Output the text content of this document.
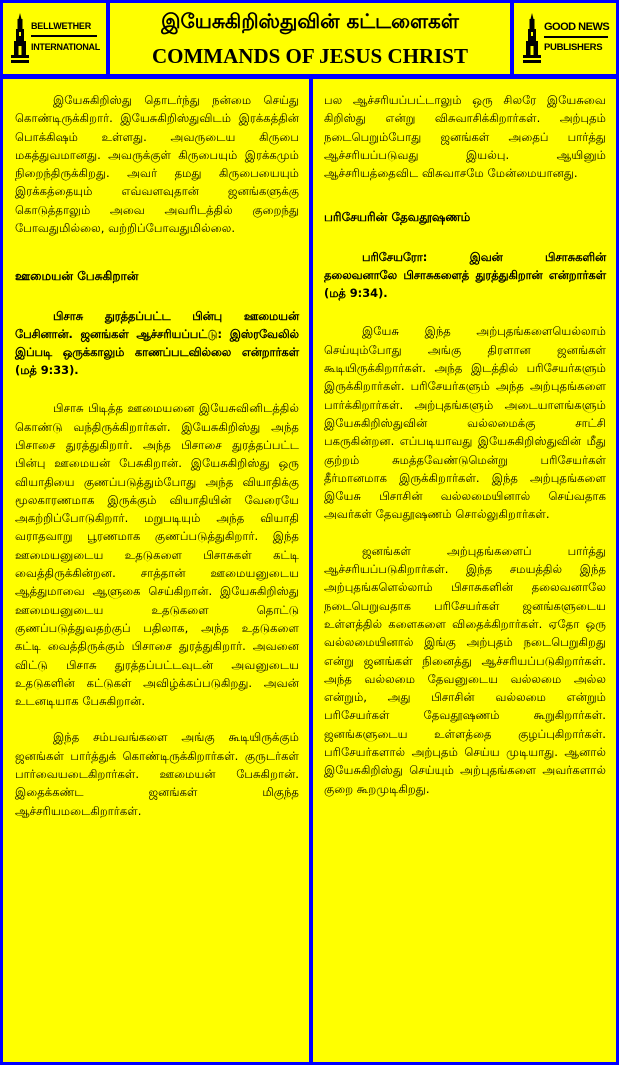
BELLWETHER
INTERNATIONAL
இயேசுகிறிஸ்துவின் கட்டளைகள்
COMMANDS OF JESUS CHRIST
GOOD NEWS
PUBLISHERS

இயேசுகிறிஸ்து தொடர்ந்து நன்மை செய்து கொண்டிருக்கிறார். இயேசுகிறிஸ்துவிடம் இரக்கத்தின் பொக்கிஷம் உள்ளது. அவருடைய கிருபை மகத்துவமானது. அவருக்குள் கிருபையும் இரக்கமும் நிறைந்திருக்கிறது. அவர் தமது கிருபையையும் இரக்கத்தையும் எவ்வளவுதான் ஜனங்களுக்கு கொடுத்தாலும் அவை அவரிடத்தில் குறைந்து போவதுமில்லை, வற்றிப்போவதுமில்லை.

ஊமையன் பேசுகிறான்

பிசாசு துரத்தப்பட்ட பின்பு ஊமையன் பேசினான். ஜனங்கள் ஆச்சரியப்பட்டு: இஸ்ரவேலில் இப்படி ஒருக்காலும் காணப்படவில்லை என்றார்கள் (மத் 9:33).

பிசாசு பிடித்த ஊமையனை இயேசுவினிடத்தில் கொண்டு வந்திருக்கிறார்கள். இயேசுகிறிஸ்து அந்த பிசாசை துரத்துகிறார். அந்த பிசாசை துரத்தப்பட்ட பின்பு ஊமையன் பேசுகிறான். இயேசுகிறிஸ்து ஒரு வியாதியை குணப்படுத்தும்போது அந்த வியாதிக்கு மூலகாரணமாக இருக்கும் வியாதியின் வேரையே அகற்றிப்போடுகிறார். மறுபடியும் அந்த வியாதி வராதவாறு பூரணமாக குணப்படுத்துகிறார். இந்த ஊமையனுடைய உதடுகளை பிசாசுகள் கட்டி வைத்திருக்கின்றன. சாத்தான் ஊமையனுடைய ஆத்துமாவை ஆளுகை செய்கிறான். இயேசுகிறிஸ்து ஊமையனுடைய உதடுகளை தொட்டு குணப்படுத்துவதற்குப் பதிலாக, அந்த உதடுகளை கட்டி வைத்திருக்கும் பிசாசை துரத்துகிறார். அவனை விட்டு பிசாசு துரத்தப்பட்டவுடன் அவனுடைய உதடுகளின் கட்டுகள் அவிழ்க்கப்படுகிறது. அவன் உடனடியாக பேசுகிறான்.

இந்த சம்பவங்களை அங்கு கூடியிருக்கும் ஜனங்கள் பார்த்துக் கொண்டிருக்கிறார்கள். குருடர்கள் பார்வையடைகிறார்கள். ஊமையன் பேசுகிறான். இதைக்கண்ட ஜனங்கள் மிகுந்த ஆச்சரியமடைகிறார்கள்.

பல ஆச்சரியப்பட்டாலும் ஒரு சிலரே இயேசுவை கிறிஸ்து என்று விசுவாசிக்கிறார்கள். அற்புதம் நடைபெறும்போது ஜனங்கள் அதைப் பார்த்து ஆச்சரியப்படுவது இயல்பு. ஆயினும் ஆச்சரியத்தைவிட விசுவாசமே மேன்மையானது.

பரிசேயரின் தேவதூஷணம்

பரிசேயரோ: இவன் பிசாசுகளின் தலைவனாலே பிசாசுகளைத் துரத்துகிறான் என்றார்கள் (மத் 9:34).

இயேசு இந்த அற்புதங்களையெல்லாம் செய்யும்போது அங்கு திரளான ஜனங்கள் கூடியிருக்கிறார்கள். அந்த இடத்தில் பரிசேயர்களும் இருக்கிறார்கள். பரிசேயர்களும் அந்த அற்புதங்களை பார்க்கிறார்கள். அற்புதங்களும் அடையாளங்களும் இயேசுகிறிஸ்துவின் வல்லமைக்கு சாட்சி பகருகின்றன. எப்படியாவது இயேசுகிறிஸ்துவின் மீது குற்றம் சுமத்தவேண்டுமென்று பரிசேயர்கள் தீர்மானமாக இருக்கிறார்கள். இந்த அற்புதங்களை இயேசு பிசாசின் வல்லமையினால் செய்வதாக அவர்கள் தேவதூஷணம் சொல்லுகிறார்கள்.

ஜனங்கள் அற்புதங்களைப் பார்த்து ஆச்சரியப்படுகிறார்கள். இந்த சமயத்தில் இந்த அற்புதங்களெல்லாம் பிசாசுகளின் தலைவனாலே நடைபெறுவதாக பரிசேயர்கள் ஜனங்களுடைய உள்ளத்தில் களைகளை விதைக்கிறார்கள். ஏதோ ஒரு வல்லமையினால் இங்கு அற்புதம் நடைபெறுகிறது என்று ஜனங்கள் நினைத்து ஆச்சரியப்படுகிறார்கள். அந்த வல்லமை தேவனுடைய வல்லமை அல்ல என்றும், அது பிசாசின் வல்லமை என்றும் பரிசேயர்கள் தேவதூஷணம் கூறுகிறார்கள். ஜனங்களுடைய உள்ளத்தை குழப்புகிறார்கள். பரிசேயர்களால் அற்புதம் செய்ய முடியாது. ஆனால் இயேசுகிறிஸ்து செய்யும் அற்புதங்களை அவர்களால் குறை கூறமுடிகிறது.
